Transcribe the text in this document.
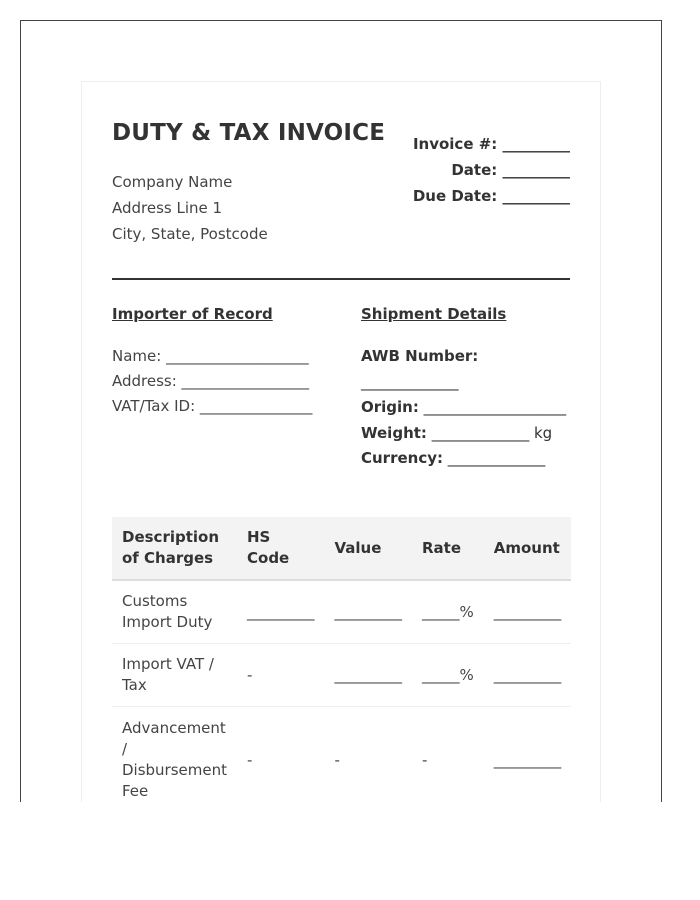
DUTY & TAX INVOICE
Company Name
Address Line 1
City, State, Postcode
Invoice #: _________
Date: _________
Due Date: _________
Importer of Record	Shipment Details
Name: ___________________
Address: _________________
VAT/Tax ID: _______________
AWB Number:
_____________
Origin: ___________________
Weight: _____________ kg
Currency: _____________
Description
of Charges	HS Code	Value	Rate	Amount
Customs
Import Duty	_________	_________	_____%	_________
Import VAT /
Tax	-	_________	_____%	_________
Advancement
/
Disbursement
Fee	-	-	-	_________
